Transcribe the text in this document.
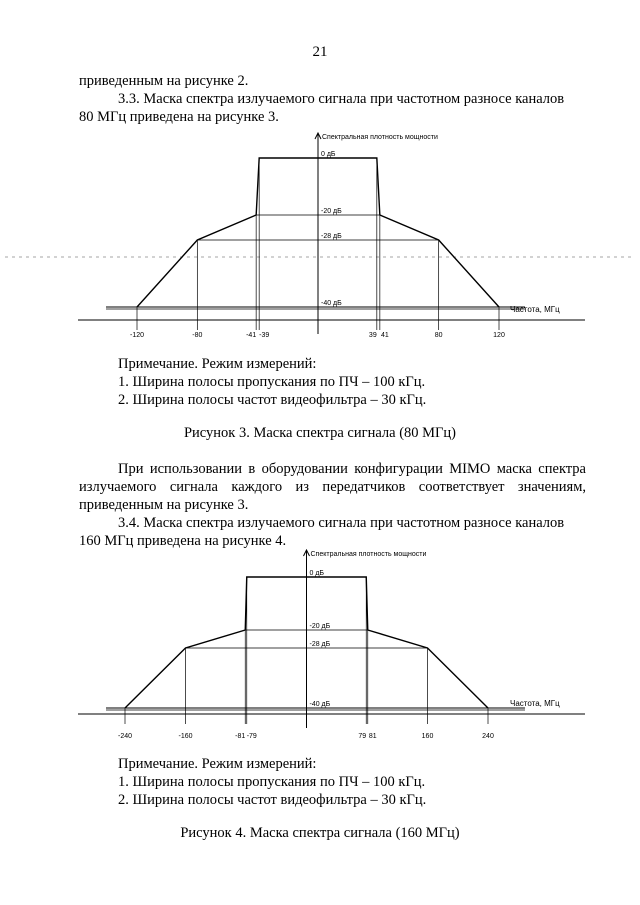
21
приведенным на рисунке 2.
3.3. Маска спектра излучаемого сигнала при частотном разносе каналов
80 МГц приведена на рисунке 3.
0 дБ
-20 дБ
-28 дБ
-40 дБ
Спектральная плотность мощности
Частота, МГц
-120	-80	-41 -39	39 41	80	120
Примечание. Режим измерений:
1. Ширина полосы пропускания по ПЧ – 100 кГц.
2. Ширина полосы частот видеофильтра – 30 кГц.
Рисунок 3. Маска спектра сигнала (80 МГц)
При использовании в оборудовании конфигурации MIMO маска спектра
излучаемого сигнала каждого из передатчиков соответствует значениям,
приведенным на рисунке 3.
3.4. Маска спектра излучаемого сигнала при частотном разносе каналов
160 МГц приведена на рисунке 4.
0 дБ
-20 дБ
-28 дБ
-40 дБ
Спектральная плотность мощности
Частота, МГц
-240	-160	-81 -79	79 81	160	240
Примечание. Режим измерений:
1. Ширина полосы пропускания по ПЧ – 100 кГц.
2. Ширина полосы частот видеофильтра – 30 кГц.
Рисунок 4. Маска спектра сигнала (160 МГц)
